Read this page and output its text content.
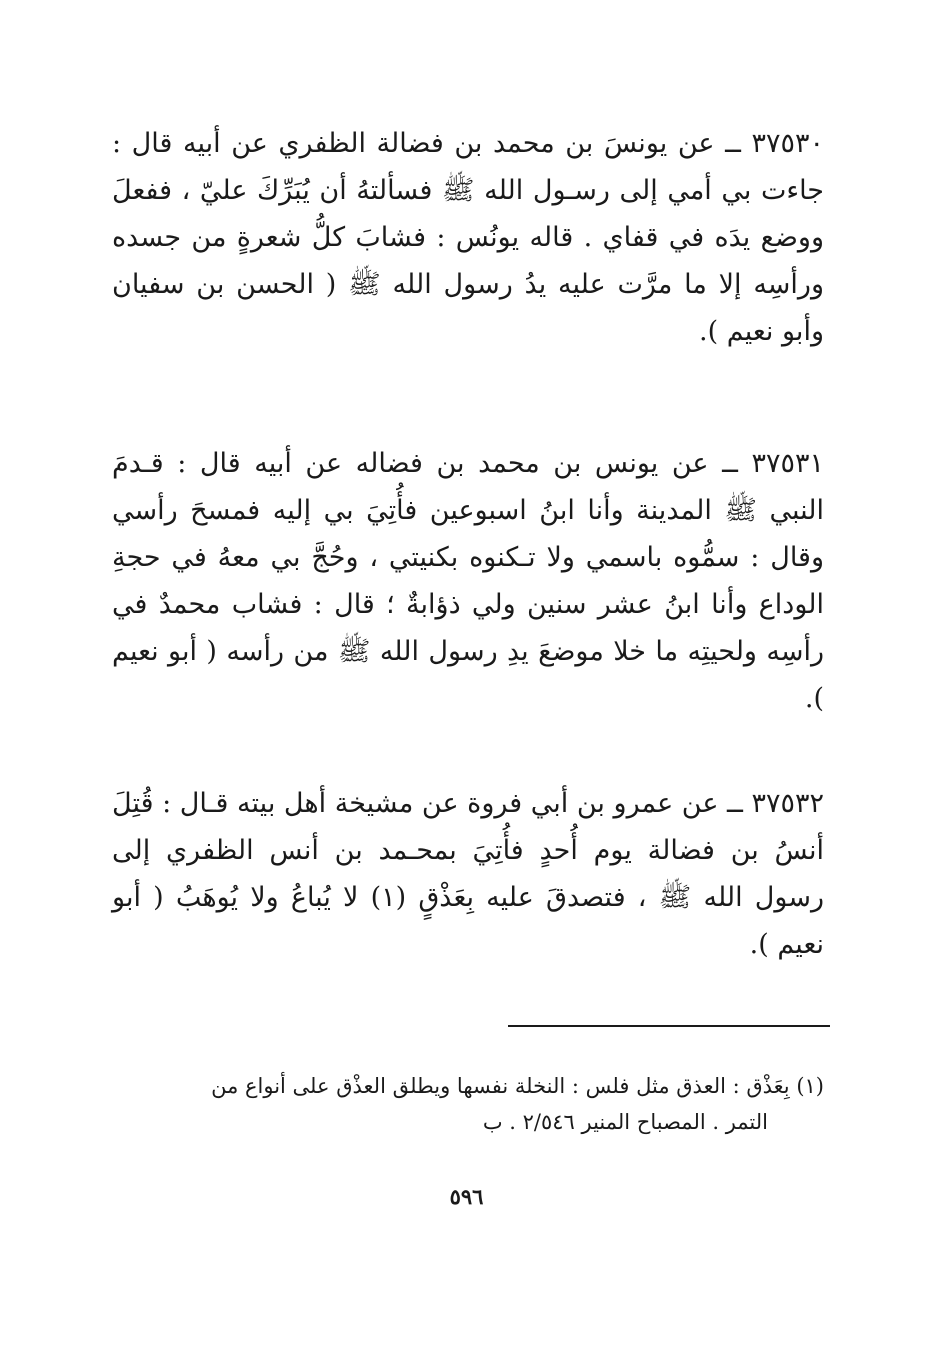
٣٧٥٣٠ ــ عن يونسَ بن محمد بن فضالة الظفري عن أبيه قال : جاءت بي أمي إلى رسـول الله ﷺ فسألتهُ أن يُبَرِّكَ عليّ ، ففعلَ ووضع يدَه في قفاي . قاله يونُس : فشابَ كلُّ شعرةٍ من جسده ورأسِه إلا ما مرَّت عليه يدُ رسول الله ﷺ ( الحسن بن سفيان وأبو نعيم ).

٣٧٥٣١ ــ عن يونس بن محمد بن فضاله عن أبيه قال : قـدمَ النبي ﷺ المدينة وأنا ابنُ اسبوعين فأُتِيَ بي إليه فمسحَ رأسي وقال : سمُّوه باسمي ولا تـكنوه بكنيتي ، وحُجَّ بي معهُ في حجةِ الوداع وأنا ابنُ عشر سنين ولي ذؤابةٌ ؛ قال : فشاب محمدٌ في رأسِه ولحيتِه ما خلا موضعَ يدِ رسول الله ﷺ من رأسه ( أبو نعيم ).

٣٧٥٣٢ ــ عن عمرو بن أبي فروة عن مشيخة أهل بيته قـال : قُتِلَ أنسُ بن فضالة يوم أُحدٍ فأُتِيَ بمحـمد بن أنس الظفري إلى رسول الله ﷺ ، فتصدقَ عليه بِعَذْقٍ (١) لا يُباعُ ولا يُوهَبُ ( أبو نعيم ).

(١) بِعَذْق : العذق مثل فلس : النخلة نفسها ويطلق العذْق على أنواع من

التمر . المصباح المنير ٢/٥٤٦ . ب

٥٩٦
